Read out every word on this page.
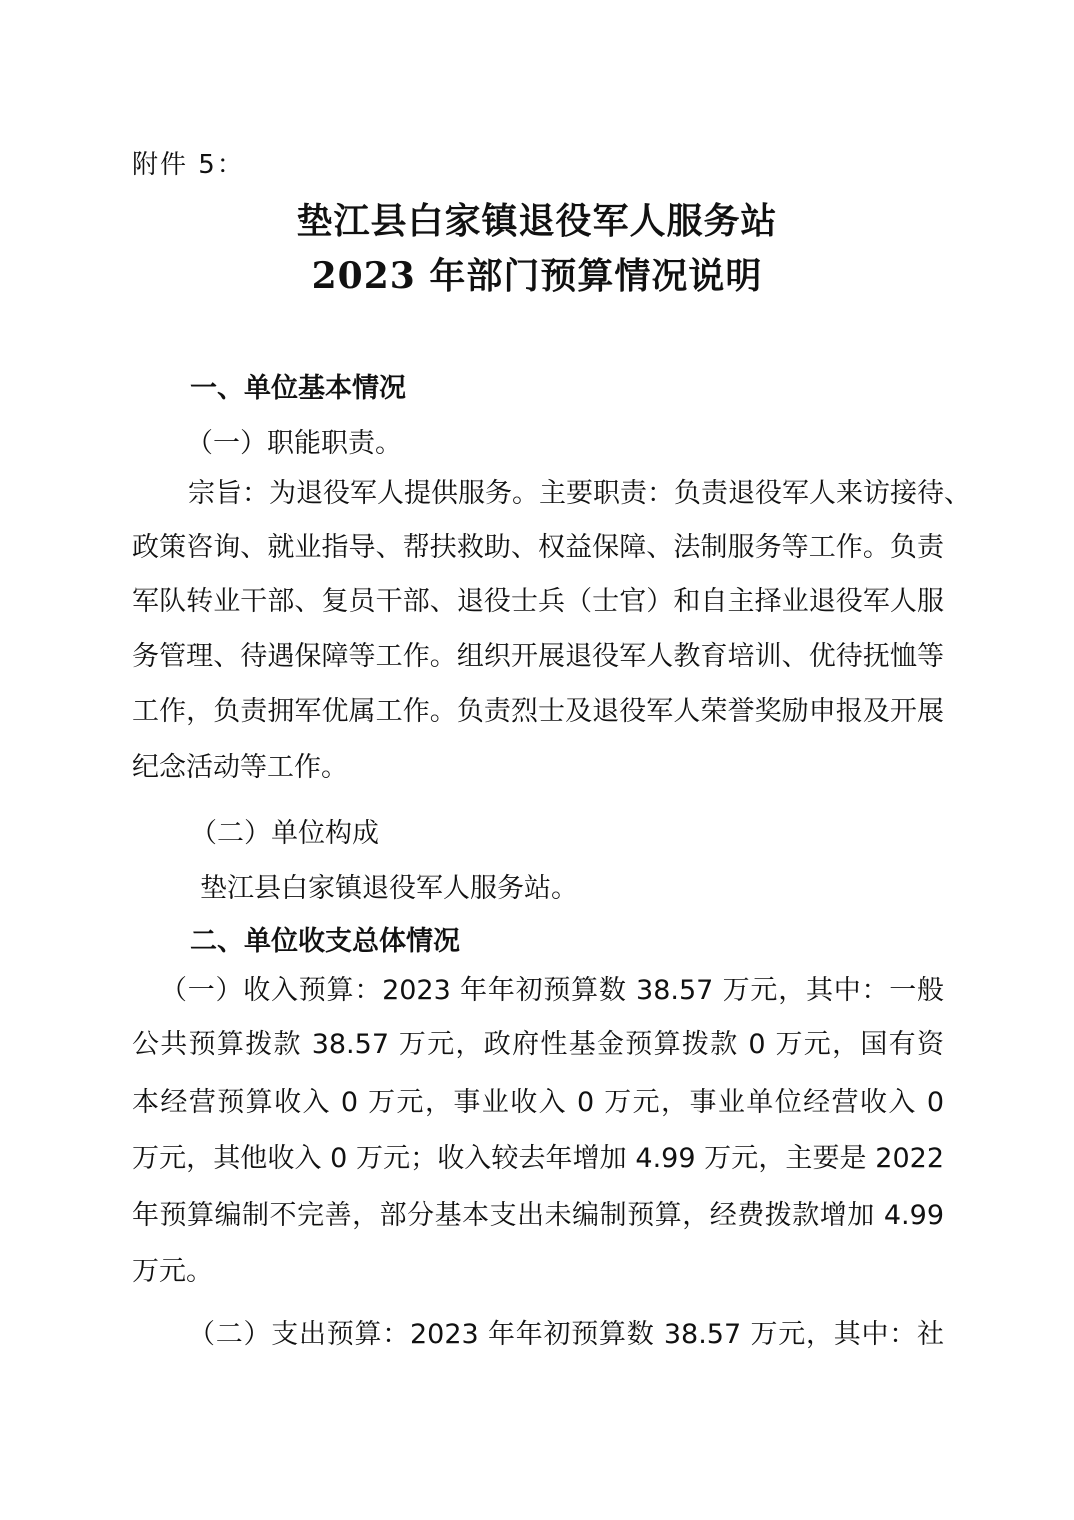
附件 5：
垫江县白家镇退役军人服务站
2023 年部门预算情况说明
一、单位基本情况
（一）职能职责。
宗旨：为退役军人提供服务。主要职责：负责退役军人来访接待、
政策咨询、就业指导、帮扶救助、权益保障、法制服务等工作。负责
军队转业干部、复员干部、退役士兵（士官）和自主择业退役军人服
务管理、待遇保障等工作。组织开展退役军人教育培训、优待抚恤等
工作，负责拥军优属工作。负责烈士及退役军人荣誉奖励申报及开展
纪念活动等工作。
（二）单位构成
垫江县白家镇退役军人服务站。
二、单位收支总体情况
（一）收入预算：2023 年年初预算数 38.57 万元，其中：一般
公共预算拨款 38.57 万元，政府性基金预算拨款 0 万元，国有资
本经营预算收入 0 万元，事业收入 0 万元，事业单位经营收入 0
万元，其他收入 0 万元；收入较去年增加 4.99 万元，主要是 2022
年预算编制不完善，部分基本支出未编制预算，经费拨款增加 4.99
万元。
（二）支出预算：2023 年年初预算数 38.57 万元，其中：社
